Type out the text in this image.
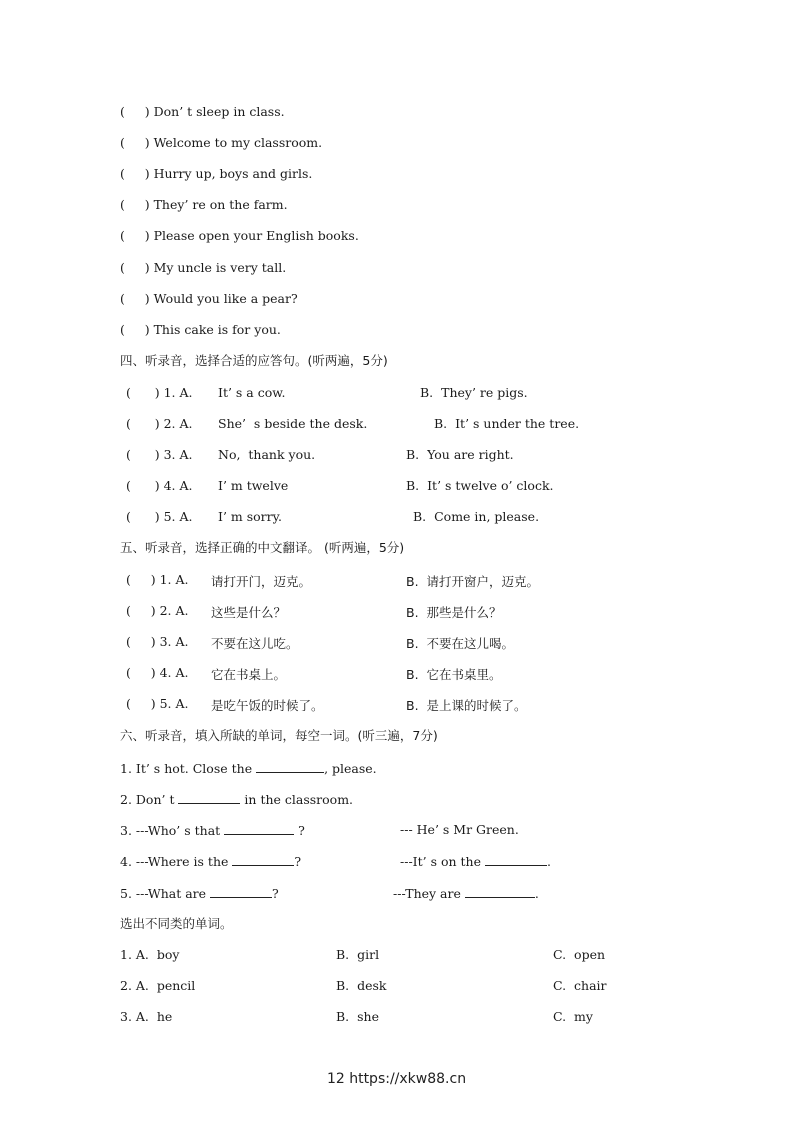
(     ) Don’ t sleep in class.
(     ) Welcome to my classroom.
(     ) Hurry up, boys and girls.
(     ) They’ re on the farm.
(     ) Please open your English books.
(     ) My uncle is very tall.
(     ) Would you like a pear?
(     ) This cake is for you.
四、听录音，选择合适的应答句。(听两遍，5分)
(      ) 1. A. It’ s a cow.	B.  They’ re pigs.
(      ) 2. A. She’  s beside the desk.	B.  It’ s under the tree.
(      ) 3. A. No,  thank you.	B.  You are right.
(      ) 4. A. I’ m twelve	B.  It’ s twelve o’ clock.
(      ) 5. A. I’ m sorry.	B.  Come in, please.
五、听录音，选择正确的中文翻译。 (听两遍，5分)
(     ) 1. A. 请打开门，迈克。	B.  请打开窗户，迈克。
(     ) 2. A. 这些是什么？	B.  那些是什么？
(     ) 3. A. 不要在这儿吃。	B.  不要在这儿喝。
(     ) 4. A. 它在书桌上。	B.  它在书桌里。
(     ) 5. A. 是吃午饭的时候了。	B.  是上课的时候了。
六、听录音，填入所缺的单词，每空一词。(听三遍，7分)
1. It’ s hot. Close the	, please.
2. Don’ t	in the classroom.
3. ---Who’ s that	?	--- He’ s Mr Green.
4. ---Where is the	?	---It’ s on the	.
5. ---What are	?	---They are	.
选出不同类的单词。
1. A.  boy	B.  girl	C.  open
2. A.  pencil	B.  desk	C.  chair
3. A.  he	B.  she	C.  my
12 https://xkw88.cn
